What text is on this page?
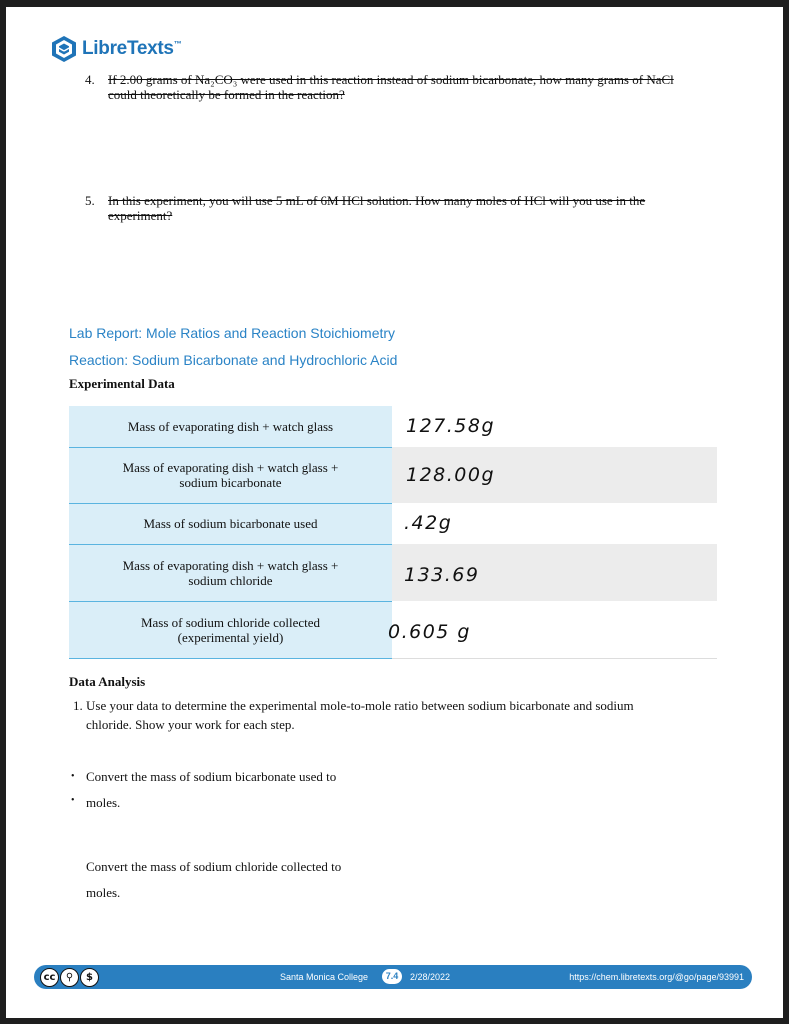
LibreTexts™
4. If 2.00 grams of Na₂CO₃ were used in this reaction instead of sodium bicarbonate, how many grams of NaCl
could theoretically be formed in the reaction?
5. In this experiment, you will use 5 mL of 6M HCl solution. How many moles of HCl will you use in the
experiment?
Lab Report: Mole Ratios and Reaction Stoichiometry
Reaction: Sodium Bicarbonate and Hydrochloric Acid
Experimental Data
Mass of evaporating dish + watch glass	127.58g

Mass of evaporating dish + watch glass +
sodium bicarbonate	128.00g

Mass of sodium bicarbonate used	.42g

Mass of evaporating dish + watch glass +
sodium chloride	133.69

Mass of sodium chloride collected
(experimental yield)	0.605 g
Data Analysis
1. Use your data to determine the experimental mole-to-mole ratio between sodium bicarbonate and sodium
chloride. Show your work for each step.
• Convert the mass of sodium bicarbonate used to
• moles.
Convert the mass of sodium chloride collected to
moles.
cc	⚲	$	Santa Monica College	7.4	2/28/2022	https://chem.libretexts.org/@go/page/93991
